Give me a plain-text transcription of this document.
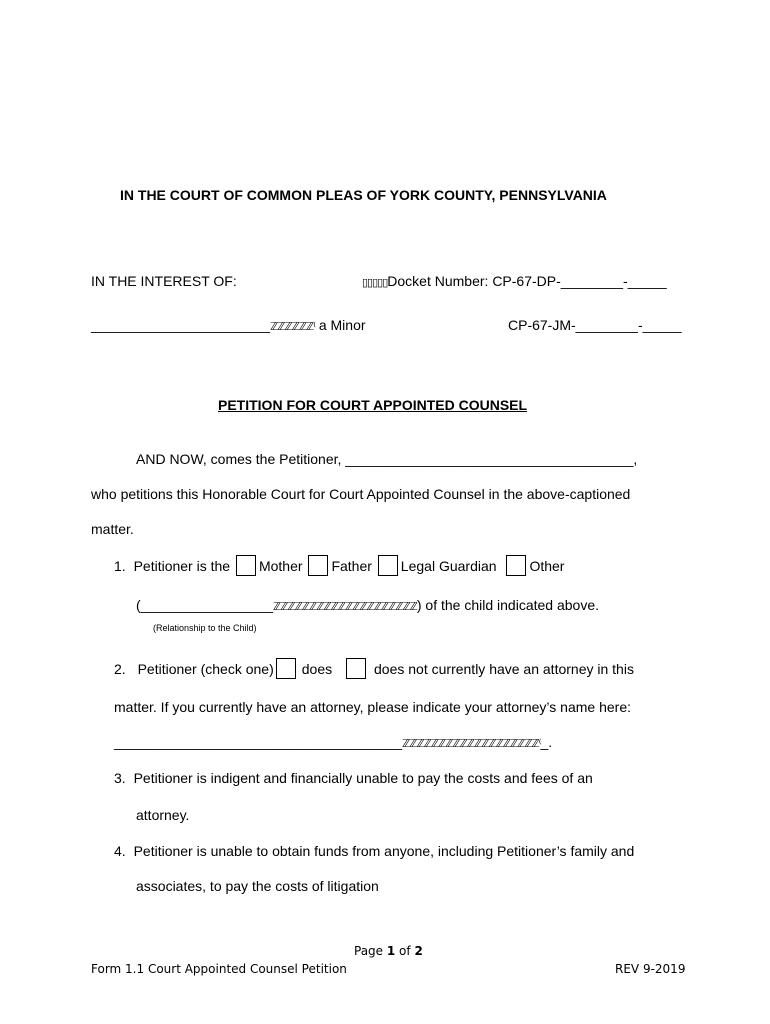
IN THE COURT OF COMMON PLEAS OF YORK COUNTY, PENNSYLVANIA
IN THE INTEREST OF:	▯▯▯▯▯Docket Number: CP-67-DP-________-_____
_______________________ℤℤℤℤℤℤ⁽ a Minor	CP-67-JM-________-_____
PETITION FOR COURT APPOINTED COUNSEL
AND NOW, comes the Petitioner, _____________________________________,
who petitions this Honorable Court for Court Appointed Counsel in the above-captioned
matter.
1. Petitioner is the Mother Father Legal Guardian Other
(_________________ℤℤℤℤℤℤℤℤℤℤℤℤℤℤℤℤℤℤℤℤ) of the child indicated above.
(Relationship to the Child)
2. Petitioner (check one) does	does not currently have an attorney in this
matter. If you currently have an attorney, please indicate your attorney’s name here:
_____________________________________ℤℤℤℤℤℤℤℤℤℤℤℤℤℤℤℤℤℤℤ⁽_.
3. Petitioner is indigent and financially unable to pay the costs and fees of an
attorney.
4. Petitioner is unable to obtain funds from anyone, including Petitioner’s family and
associates, to pay the costs of litigation
Page 1 of 2
Form 1.1 Court Appointed Counsel Petition	REV 9-2019
